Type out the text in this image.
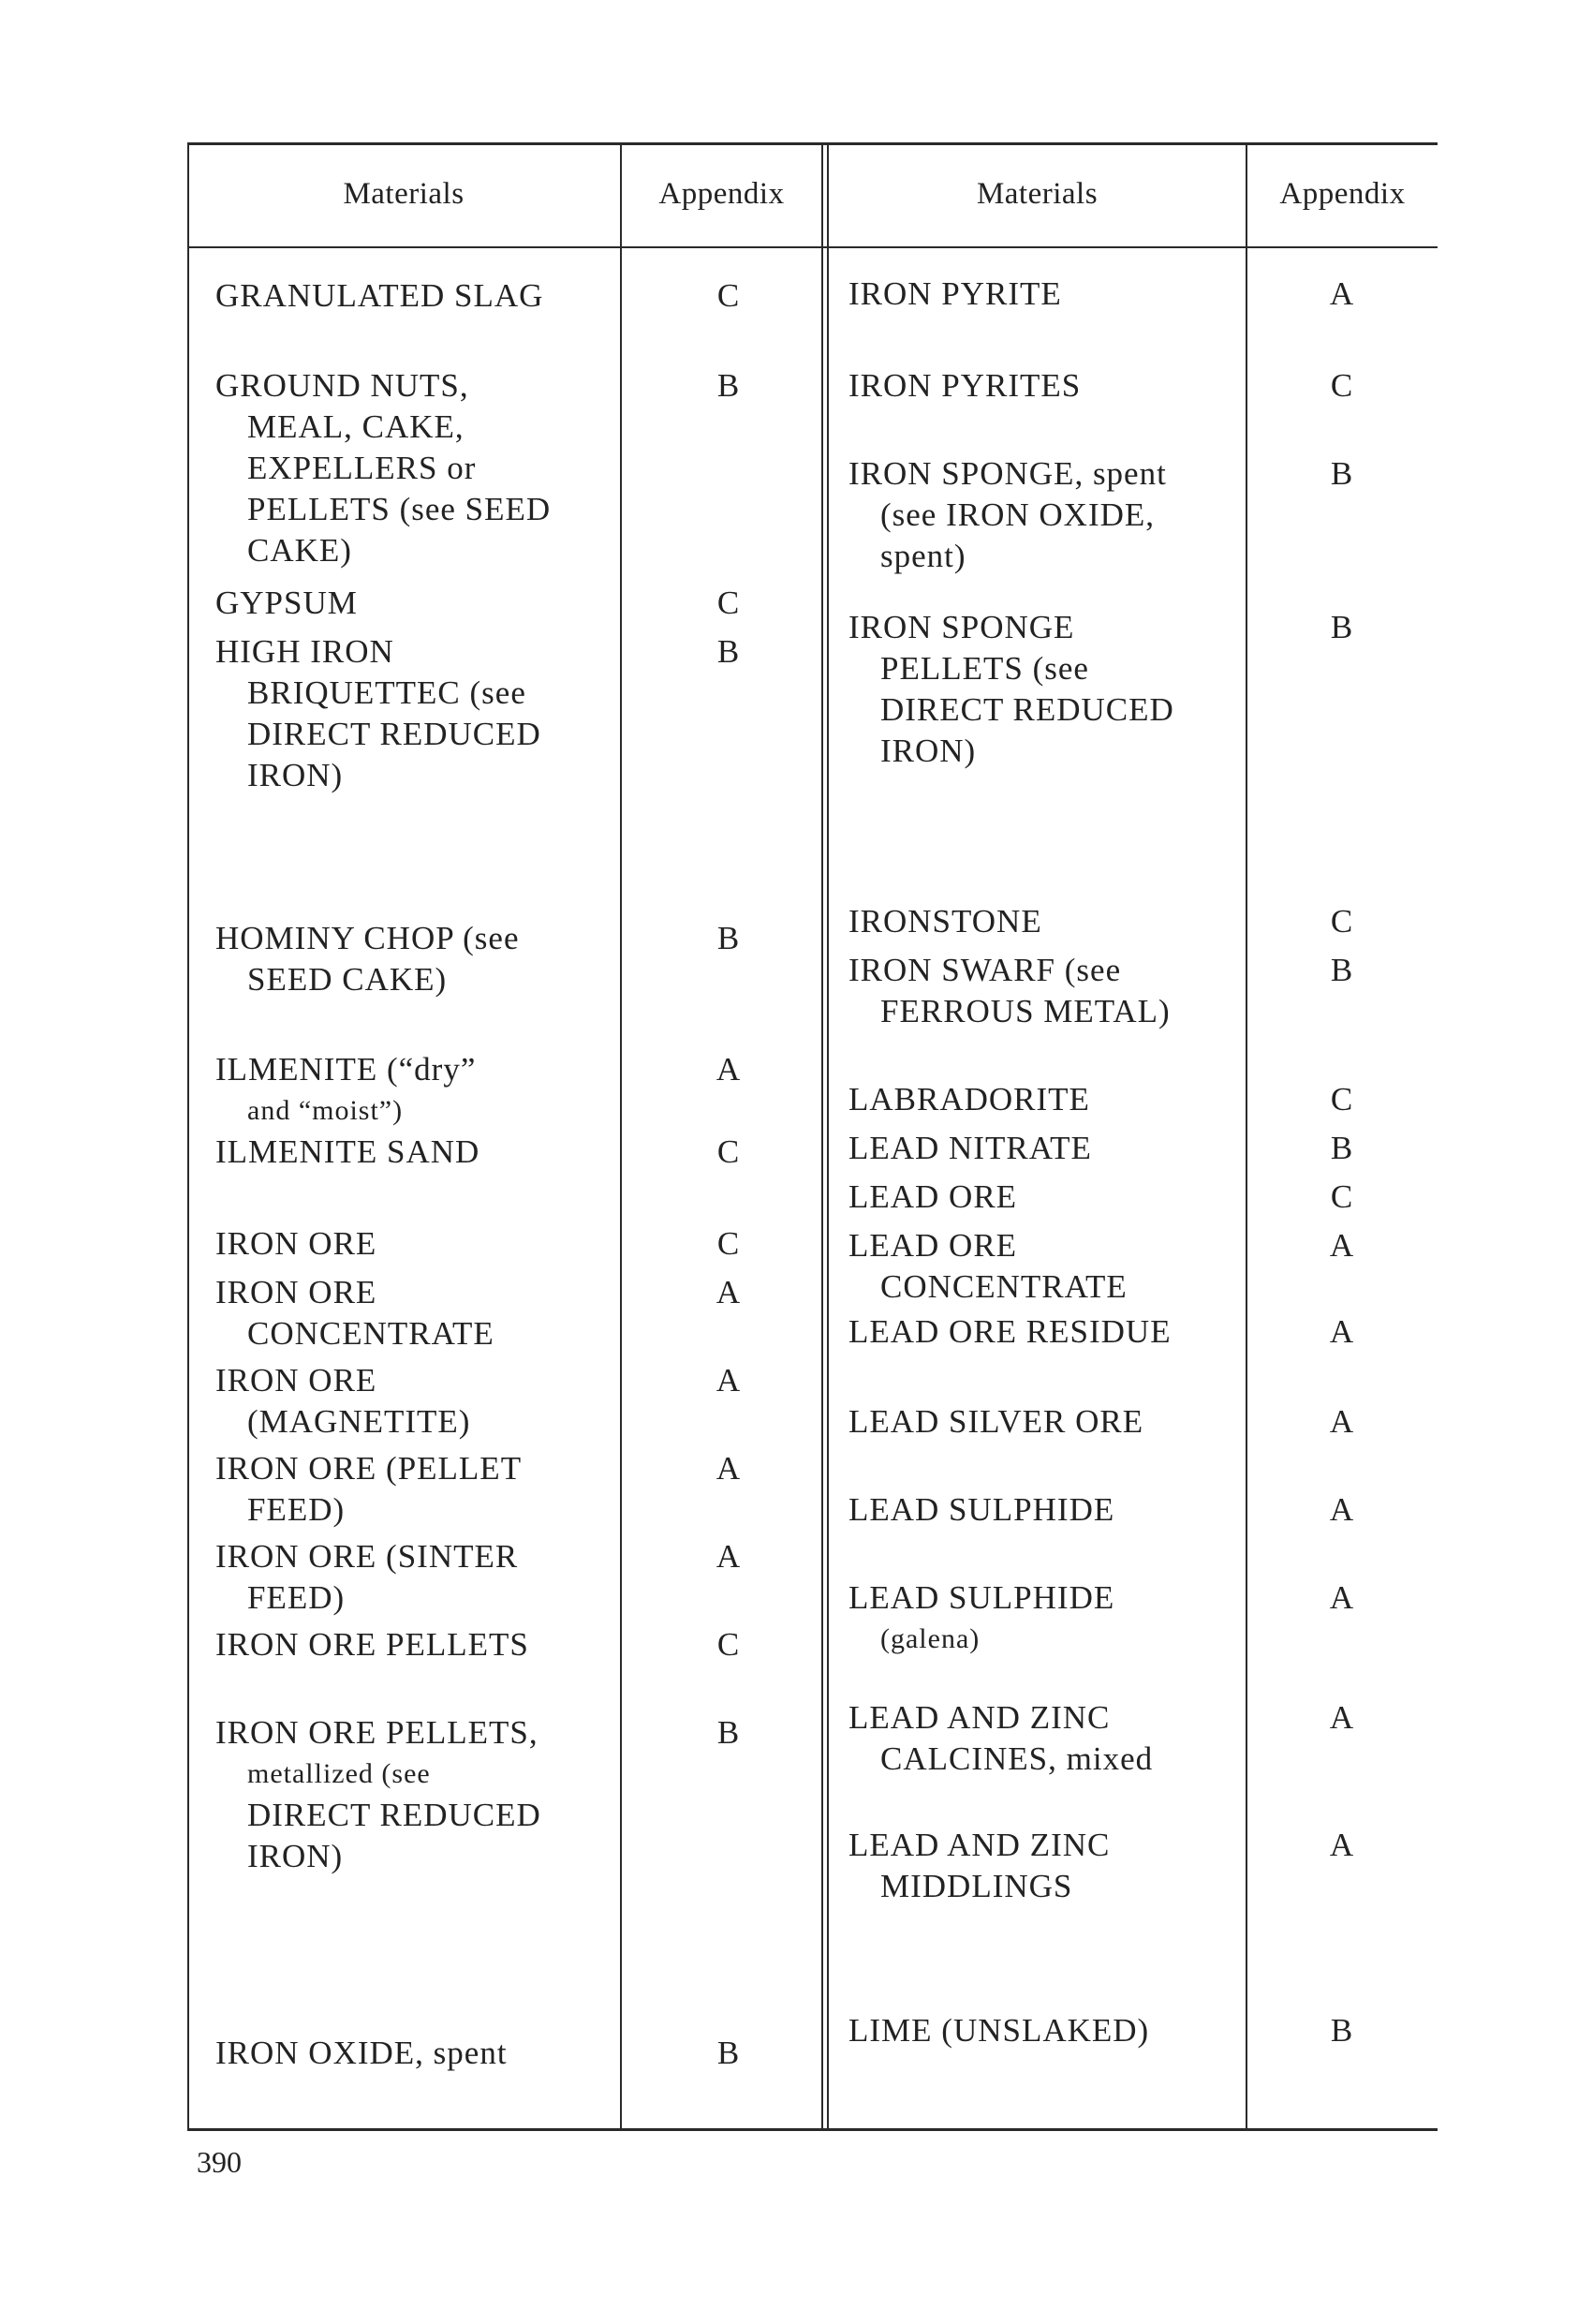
Materials	Appendix	Materials	Appendix
GRANULATED SLAG	C
GROUND NUTS,
MEAL, CAKE,
EXPELLERS or
PELLETS (see SEED
CAKE)
B
GYPSUM	C
HIGH IRON
BRIQUETTEC (see
DIRECT REDUCED
IRON)
B
HOMINY CHOP (see
SEED CAKE)
B
ILMENITE (“dry”
and “moist”)
A
ILMENITE SAND	C
IRON ORE	C
IRON ORE
CONCENTRATE
A
IRON ORE
(MAGNETITE)
A
IRON ORE (PELLET
FEED)
A
IRON ORE (SINTER
FEED)
A
IRON ORE PELLETS	C
IRON ORE PELLETS,
metallized (see
DIRECT REDUCED
IRON)
B
IRON OXIDE, spent	B
IRON PYRITE	A
IRON PYRITES	C
IRON SPONGE, spent
(see IRON OXIDE,
spent)
B
IRON SPONGE
PELLETS (see
DIRECT REDUCED
IRON)
B
IRONSTONE	C
IRON SWARF (see
FERROUS METAL)
B
LABRADORITE	C
LEAD NITRATE	B
LEAD ORE	C
LEAD ORE
CONCENTRATE
A
LEAD ORE RESIDUE	A
LEAD SILVER ORE	A
LEAD SULPHIDE	A
LEAD SULPHIDE
(galena)
A
LEAD AND ZINC
CALCINES, mixed
A
LEAD AND ZINC
MIDDLINGS
A
LIME (UNSLAKED)	B
390
